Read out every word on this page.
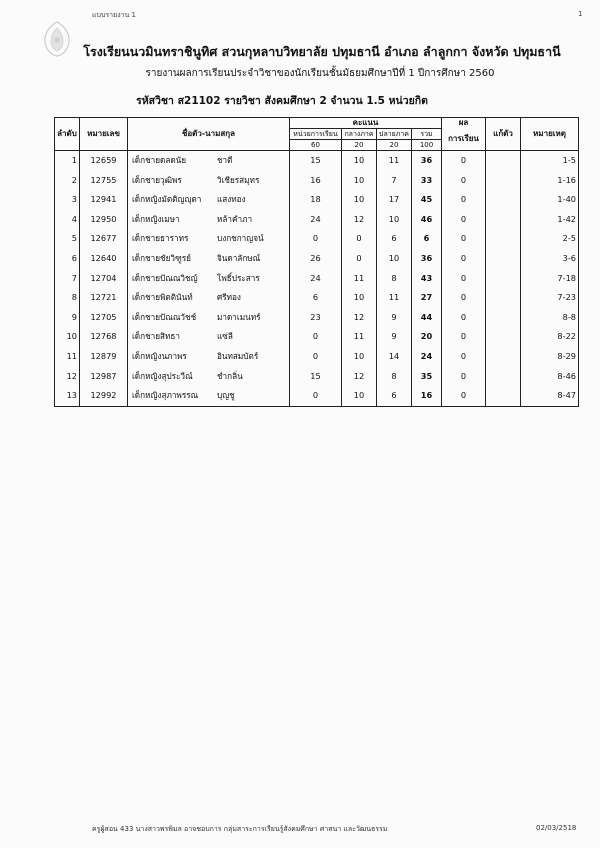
แบบรายงาน 1	1
โรงเรียนนวมินทราชินูทิศ สวนกุหลาบวิทยาลัย ปทุมธานี อำเภอ ลำลูกกา จังหวัด ปทุมธานี
รายงานผลการเรียนประจำวิชาของนักเรียนชั้นมัธยมศึกษาปีที่ 1 ปีการศึกษา 2560
รหัสวิชา ส21102 รายวิชา สังคมศึกษา 2 จำนวน 1.5 หน่วยกิต
ลำดับ	หมายเลข	ชื่อตัว-นามสกุล	คะแนน				ผล	แก้ตัว	หมายเหตุ
			หน่วยการเรียน	กลางภาค	ปลายภาค	รวม	การเรียน		
			60	20	20	100			
1	12659	เด็กชายดลดนัย ชาตี	15	10	11	36	0		1-5
2	12755	เด็กชายวุฒิพร วิเชียรสมุทร	16	10	7	33	0		1-16
3	12941	เด็กหญิงมัตติญญุตา แสงทอง	18	10	17	45	0		1-40
4	12950	เด็กหญิงเมษา หล้าคำภา	24	12	10	46	0		1-42
5	12677	เด็กชายธาราทร บงกชกาญจน์	0	0	6	6	0		2-5
6	12640	เด็กชายชัยวิฑูรย์ จินดาลักษณ์	26	0	10	36	0		3-6
7	12704	เด็กชายปัณณวิชญ์ โพธิ์ประสาร	24	11	8	43	0		7-18
8	12721	เด็กชายพิตตินันท์ ศรีทอง	6	10	11	27	0		7-23
9	12705	เด็กชายปัณณวัชช์ มาดาเมนทร์	23	12	9	44	0		8-8
10	12768	เด็กชายสิทธา แซ่ลี	0	11	9	20	0		8-22
11	12879	เด็กหญิงนภาพร อินทสมบัตร์	0	10	14	24	0		8-29
12	12987	เด็กหญิงสุประวีณ์ ชำกลิ่น	15	12	8	35	0		8-46
13	12992	เด็กหญิงสุภาพรรณ บุญชู	0	10	6	16	0		8-47
ครูผู้สอน 433 นางสาวพรพิมล อาจชอบการ กลุ่มสาระการเรียนรู้สังคมศึกษา ศาสนา และวัฒนธรรม	02/03/2518
